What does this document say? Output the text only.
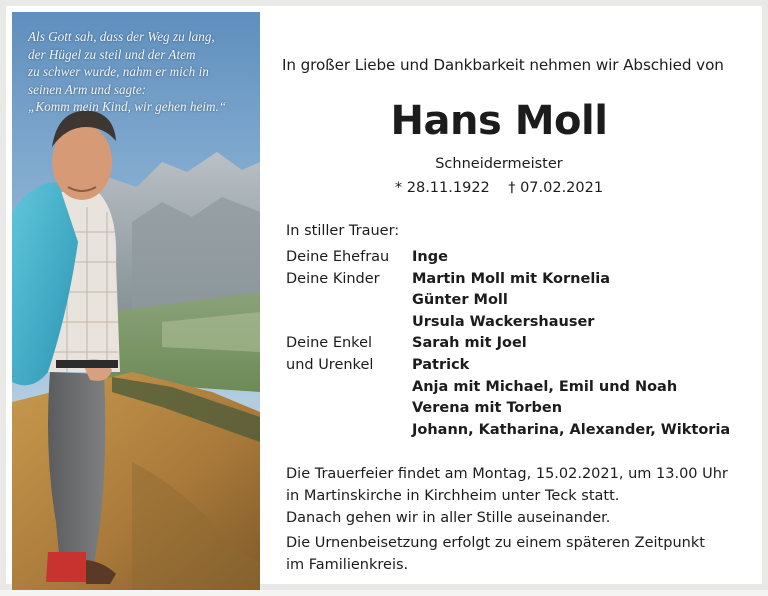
Als Gott sah, dass der Weg zu lang,
der Hügel zu steil und der Atem
zu schwer wurde, nahm er mich in
seinen Arm und sagte:
„Komm mein Kind, wir gehen heim.“
In großer Liebe und Dankbarkeit nehmen wir Abschied von
Hans Moll
Schneidermeister
* 28.11.1922    † 07.02.2021
In stiller Trauer:
Deine Ehefrau Inge
Deine Kinder Martin Moll mit Kornelia
Günter Moll
Ursula Wackershauser
Deine Enkel	Sarah mit Joel
und Urenkel	Patrick
Anja mit Michael, Emil und Noah
Verena mit Torben
Johann, Katharina, Alexander, Wiktoria
Die Trauerfeier findet am Montag, 15.02.2021, um 13.00 Uhr
in Martinskirche in Kirchheim unter Teck statt.
Danach gehen wir in aller Stille auseinander.
Die Urnenbeisetzung erfolgt zu einem späteren Zeitpunkt
im Familienkreis.
